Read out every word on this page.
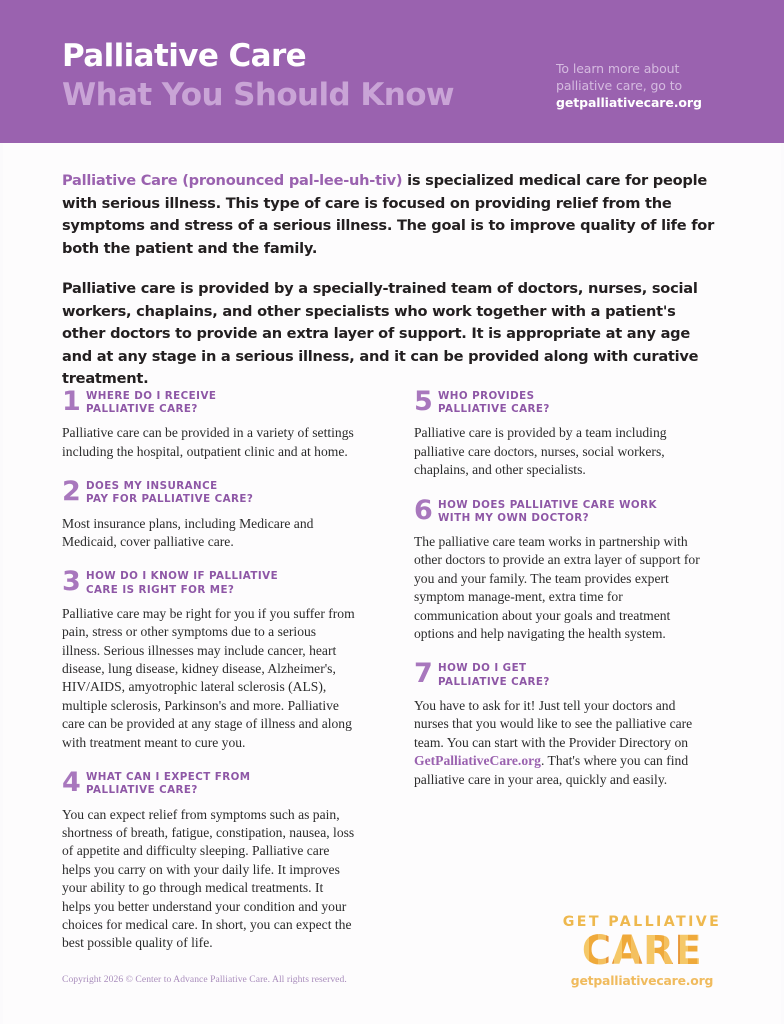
Palliative Care
What You Should Know
To learn more about
palliative care, go to
getpalliativecare.org

Palliative Care (pronounced pal-lee-uh-tiv) is specialized medical care for people with serious illness. This type of care is focused on providing relief from the symptoms and stress of a serious illness. The goal is to improve quality of life for both the patient and the family.

Palliative care is provided by a specially-trained team of doctors, nurses, social workers, chaplains, and other specialists who work together with a patient's other doctors to provide an extra layer of support. It is appropriate at any age and at any stage in a serious illness, and it can be provided along with curative treatment.

1 WHERE DO I RECEIVE
PALLIATIVE CARE?

Palliative care can be provided in a variety of settings including the hospital, outpatient clinic and at home.

2 DOES MY INSURANCE
PAY FOR PALLIATIVE CARE?

Most insurance plans, including Medicare and Medicaid, cover palliative care.

3 HOW DO I KNOW IF PALLIATIVE
CARE IS RIGHT FOR ME?

Palliative care may be right for you if you suffer from pain, stress or other symptoms due to a serious illness. Serious illnesses may include cancer, heart disease, lung disease, kidney disease, Alzheimer's, HIV/AIDS, amyotrophic lateral sclerosis (ALS), multiple sclerosis, Parkinson's and more. Palliative care can be provided at any stage of illness and along with treatment meant to cure you.

4 WHAT CAN I EXPECT FROM
PALLIATIVE CARE?

You can expect relief from symptoms such as pain, shortness of breath, fatigue, constipation, nausea, loss of appetite and difficulty sleeping. Palliative care helps you carry on with your daily life. It improves your ability to go through medical treatments. It helps you better understand your condition and your choices for medical care. In short, you can expect the best possible quality of life.

5 WHO PROVIDES
PALLIATIVE CARE?

Palliative care is provided by a team including palliative care doctors, nurses, social workers, chaplains, and other specialists.

6 HOW DOES PALLIATIVE CARE WORK
WITH MY OWN DOCTOR?

The palliative care team works in partnership with other doctors to provide an extra layer of support for you and your family. The team provides expert symptom manage-ment, extra time for communication about your goals and treatment options and help navigating the health system.

7 HOW DO I GET
PALLIATIVE CARE?

You have to ask for it! Just tell your doctors and nurses that you would like to see the palliative care team. You can start with the Provider Directory on GetPalliativeCare.org. That's where you can find palliative care in your area, quickly and easily.

Copyright 2026 © Center to Advance Palliative Care. All rights reserved.
GET PALLIATIVE
CARE
getpalliativecare.org
